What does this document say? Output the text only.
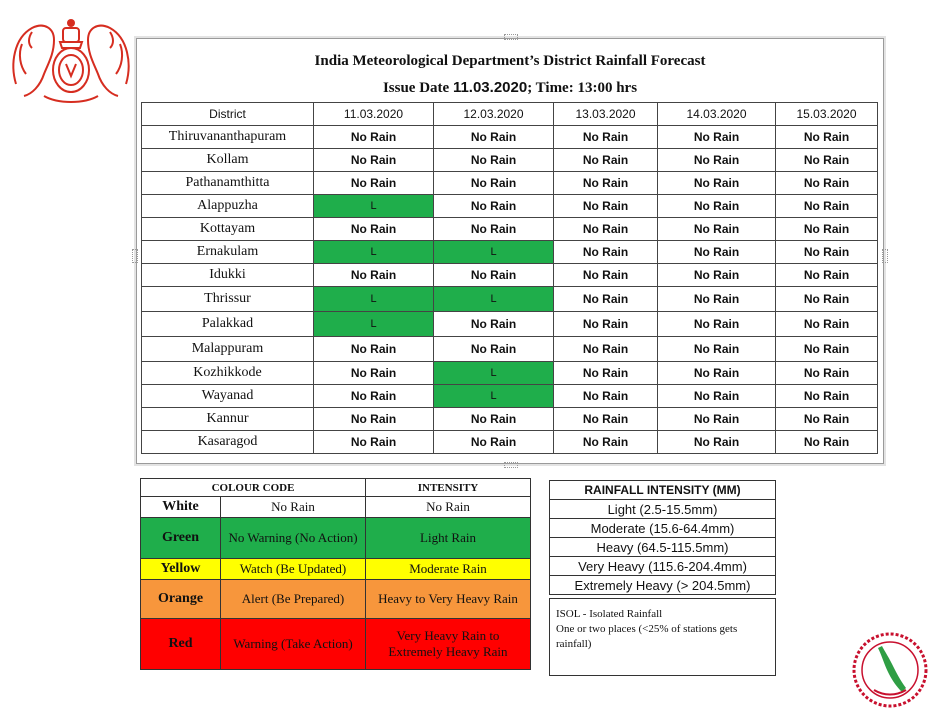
India Meteorological Department’s District Rainfall Forecast
Issue Date 11.03.2020; Time: 13:00 hrs
District	11.03.2020	12.03.2020	13.03.2020	14.03.2020	15.03.2020
Thiruvananthapuram	No Rain	No Rain	No Rain	No Rain	No Rain
Kollam	No Rain	No Rain	No Rain	No Rain	No Rain
Pathanamthitta	No Rain	No Rain	No Rain	No Rain	No Rain
Alappuzha	L	No Rain	No Rain	No Rain	No Rain
Kottayam	No Rain	No Rain	No Rain	No Rain	No Rain
Ernakulam	L	L	No Rain	No Rain	No Rain
Idukki	No Rain	No Rain	No Rain	No Rain	No Rain
Thrissur	L	L	No Rain	No Rain	No Rain
Palakkad	L	No Rain	No Rain	No Rain	No Rain
Malappuram	No Rain	No Rain	No Rain	No Rain	No Rain
Kozhikkode	No Rain	L	No Rain	No Rain	No Rain
Wayanad	No Rain	L	No Rain	No Rain	No Rain
Kannur	No Rain	No Rain	No Rain	No Rain	No Rain
Kasaragod	No Rain	No Rain	No Rain	No Rain	No Rain
COLOUR CODE		INTENSITY
White	No Rain	No Rain
Green	No Warning (No Action)	Light Rain
Yellow	Watch (Be Updated)	Moderate Rain
Orange	Alert (Be Prepared)	Heavy to Very Heavy Rain
Red	Warning (Take Action)	Very Heavy Rain to Extremely Heavy Rain
RAINFALL INTENSITY (MM)
Light (2.5-15.5mm)
Moderate (15.6-64.4mm)
Heavy (64.5-115.5mm)
Very Heavy (115.6-204.4mm)
Extremely Heavy (> 204.5mm)
ISOL - Isolated Rainfall
One or two places (<25% of stations gets rainfall)
